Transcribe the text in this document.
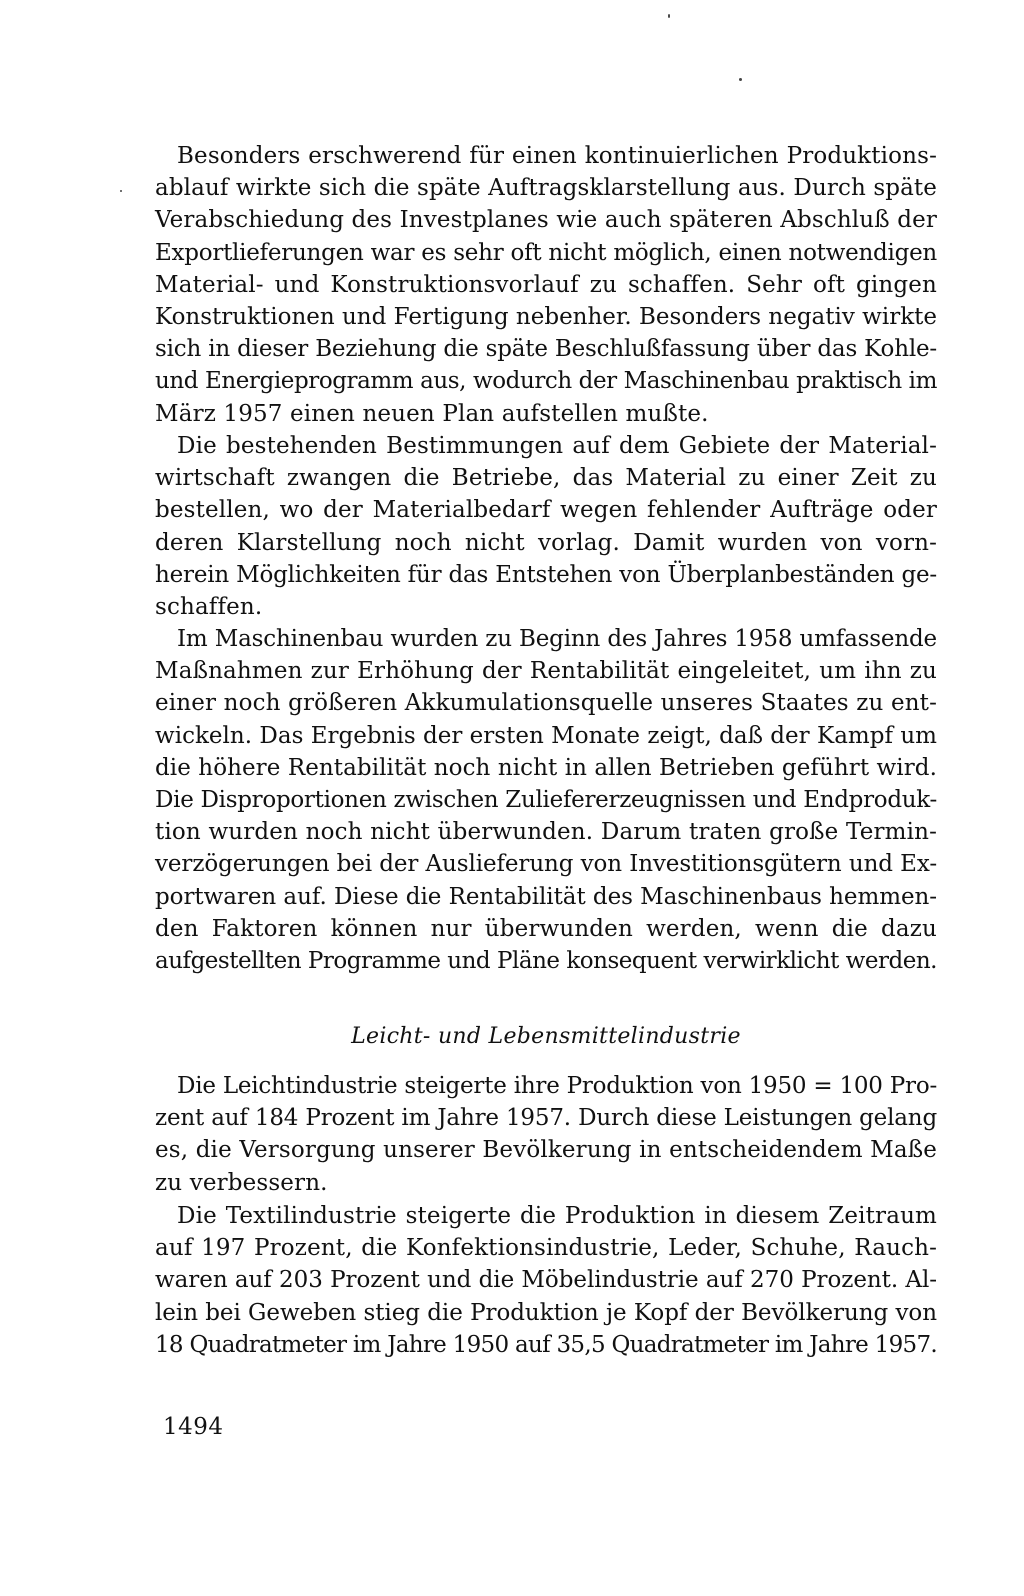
Besonders erschwerend für einen kontinuierlichen Produktions-
ablauf wirkte sich die späte Auftragsklarstellung aus. Durch späte
Verabschiedung des Investplanes wie auch späteren Abschluß der
Exportlieferungen war es sehr oft nicht möglich, einen notwendigen
Material- und Konstruktionsvorlauf zu schaffen. Sehr oft gingen
Konstruktionen und Fertigung nebenher. Besonders negativ wirkte
sich in dieser Beziehung die späte Beschlußfassung über das Kohle-
und Energieprogramm aus, wodurch der Maschinenbau praktisch im
März 1957 einen neuen Plan aufstellen mußte.
Die bestehenden Bestimmungen auf dem Gebiete der Material-
wirtschaft zwangen die Betriebe, das Material zu einer Zeit zu
bestellen, wo der Materialbedarf wegen fehlender Aufträge oder
deren Klarstellung noch nicht vorlag. Damit wurden von vorn-
herein Möglichkeiten für das Entstehen von Überplanbeständen ge-
schaffen.
Im Maschinenbau wurden zu Beginn des Jahres 1958 umfassende
Maßnahmen zur Erhöhung der Rentabilität eingeleitet, um ihn zu
einer noch größeren Akkumulationsquelle unseres Staates zu ent-
wickeln. Das Ergebnis der ersten Monate zeigt, daß der Kampf um
die höhere Rentabilität noch nicht in allen Betrieben geführt wird.
Die Disproportionen zwischen Zuliefererzeugnissen und Endproduk-
tion wurden noch nicht überwunden. Darum traten große Termin-
verzögerungen bei der Auslieferung von Investitionsgütern und Ex-
portwaren auf. Diese die Rentabilität des Maschinenbaus hemmen-
den Faktoren können nur überwunden werden, wenn die dazu
aufgestellten Programme und Pläne konsequent verwirklicht werden.
Leicht- und Lebensmittelindustrie
Die Leichtindustrie steigerte ihre Produktion von 1950 = 100 Pro-
zent auf 184 Prozent im Jahre 1957. Durch diese Leistungen gelang
es, die Versorgung unserer Bevölkerung in entscheidendem Maße
zu verbessern.
Die Textilindustrie steigerte die Produktion in diesem Zeitraum
auf 197 Prozent, die Konfektionsindustrie, Leder, Schuhe, Rauch-
waren auf 203 Prozent und die Möbelindustrie auf 270 Prozent. Al-
lein bei Geweben stieg die Produktion je Kopf der Bevölkerung von
18 Quadratmeter im Jahre 1950 auf 35,5 Quadratmeter im Jahre 1957.
1494
